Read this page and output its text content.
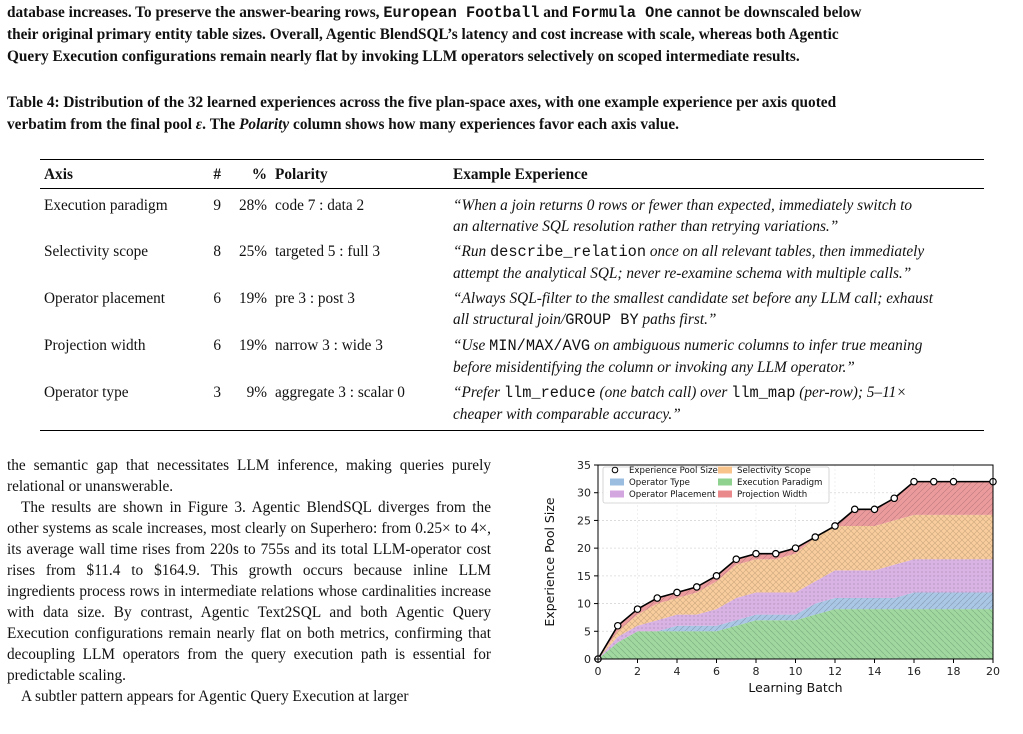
database increases. To preserve the answer-bearing rows, European Football and Formula One cannot be downscaled below

their original primary entity table sizes. Overall, Agentic BlendSQL’s latency and cost increase with scale, whereas both Agentic

Query Execution configurations remain nearly flat by invoking LLM operators selectively on scoped intermediate results.

Table 4: Distribution of the 32 learned experiences across the five plan-space axes, with one example experience per axis quoted

verbatim from the final pool ε. The Polarity column shows how many experiences favor each axis value.

Axis	#	%	Polarity	Example Experience
Execution paradigm	9	28%	code 7 : data 2	“When a join returns 0 rows or fewer than expected, immediately switch to
an alternative SQL resolution rather than retrying variations.”
Selectivity scope	8	25%	targeted 5 : full 3	“Run describe_relation once on all relevant tables, then immediately
attempt the analytical SQL; never re-examine schema with multiple calls.”
Operator placement	6	19%	pre 3 : post 3	“Always SQL-filter to the smallest candidate set before any LLM call; exhaust
all structural join/GROUP BY paths first.”
Projection width	6	19%	narrow 3 : wide 3	“Use MIN/MAX/AVG on ambiguous numeric columns to infer true meaning
before misidentifying the column or invoking any LLM operator.”
Operator type	3	9%	aggregate 3 : scalar 0	“Prefer llm_reduce (one batch call) over llm_map (per-row); 5–11×
cheaper with comparable accuracy.”

the semantic gap that necessitates LLM inference, making queries purely relational or unanswerable.

The results are shown in Figure 3. Agentic BlendSQL diverges from the other systems as scale increases, most clearly on Superhero: from 0.25× to 4×, its average wall time rises from 220s to 755s and its total LLM-operator cost rises from $11.4 to $164.9. This growth occurs because inline LLM ingredients process rows in intermediate relations whose cardinalities increase with data size. By contrast, Agentic Text2SQL and both Agentic Query Execution configurations remain nearly flat on both metrics, confirming that decoupling LLM operators from the query execution path is essential for predictable scaling.

A subtler pattern appears for Agentic Query Execution at larger

0	2	4	6	8	10 12 14 16 18 20
0
5
10
15
20
25
30
35
Learning Batch
Experience Pool Size
Experience Pool Size Selectivity Scope
Operator Type	Execution Paradigm
Operator Placement Projection Width
